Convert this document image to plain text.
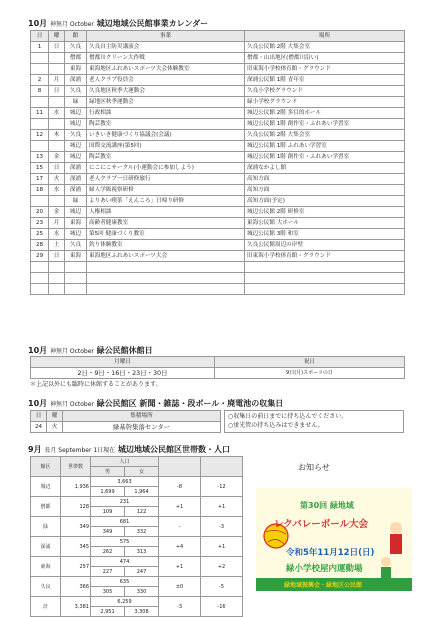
10月 神無月 October 城辺地域公民館事業カレンダー
日	曜	館	事業	場所
1	日	久良	久良自主防災講演会	久良公民館 2階 大集会室
		僧都	僧都川クリーン大作戦	僧都・山出地区(僧都川沿い)
		東海	東海地区ふれあいスポーツ大会体験教室	旧東海小学校体育館・グラウンド
2	月	深浦	老人クラブ役員会	深浦公民館 1階 青年室
8	日	久良	久良地区秋季大運動会	久良小学校グラウンド
		緑	緑地区秋季運動会	緑小学校グラウンド
11	水	城辺	行政相談	城辺公民館 2階 多目的ホール
		城辺	陶芸教室	城辺公民館 1階 創作室・ふれあい学習室
12	木	久良	いきいき健康づくり協議会(会議)	久良公民館 2階 大集会室
		城辺	国際交流講座(第5回)	城辺公民館 1階 ふれあい学習室
13	金	城辺	陶芸教室	城辺公民館 1階 創作室・ふれあい学習室
15	日	深浦	にこにこサークル(小運動会に参加しよう)	深浦なかよし館
17	火	深浦	老人クラブ一日研修旅行	高知方面
18	水	深浦	婦人学級視察研修	高知方面
		緑	よりあい喫茶「えんころ」日帰り研修	高知方面(予定)
20	金	城辺	人権相談	城辺公民館 2階 研修室
23	月	東海	高齢者健康教室	東海公民館 大ホール
25	水	城辺	第5回 健康づくり教室	城辺公民館 3階 和室
28	土	久良	釣り体験教室	久良公民館周辺の岸壁
29	日	東海	東海地区ふれあいスポーツ大会	旧東海小学校体育館・グラウンド

10月 神無月 October 緑公民館休館日
月曜日	祝日
2日・9日・16日・23日・30日	9日(月)スポーツの日
＊上記以外にも臨時に休館することがあります。
10月 神無月 October 緑公民館区 新聞・雑誌・段ボール・廃電池の収集日
日	曜	集積場所
24	火	緑基幹集落センター
○収集日の前日までに持ち込んでください。
○蛍光管の持ち込みはできません。
9月 長月 September 1日現在 城辺地域公民館区世帯数・人口
館区	世帯数	人口			
		男	女		
城辺	1,936	3,663		-8	-12
		1,699	1,964		
僧都	128	231		+1	+1
		109	122		
緑	349	681		-	-3
		349	332		
深浦	345	575		+4	+1
		262	313		
東海	257	474		+1	+2
		227	247		
久良	366	635		±0	-5
		305	330		
計	3,381	6,259		-3	-16
		2,951	3,308		
お知らせ
第30回 緑地域
レクバレーボール大会
令和5年11月12日(日)
緑小学校屋内運動場
緑地域振興会・緑地区公民館
